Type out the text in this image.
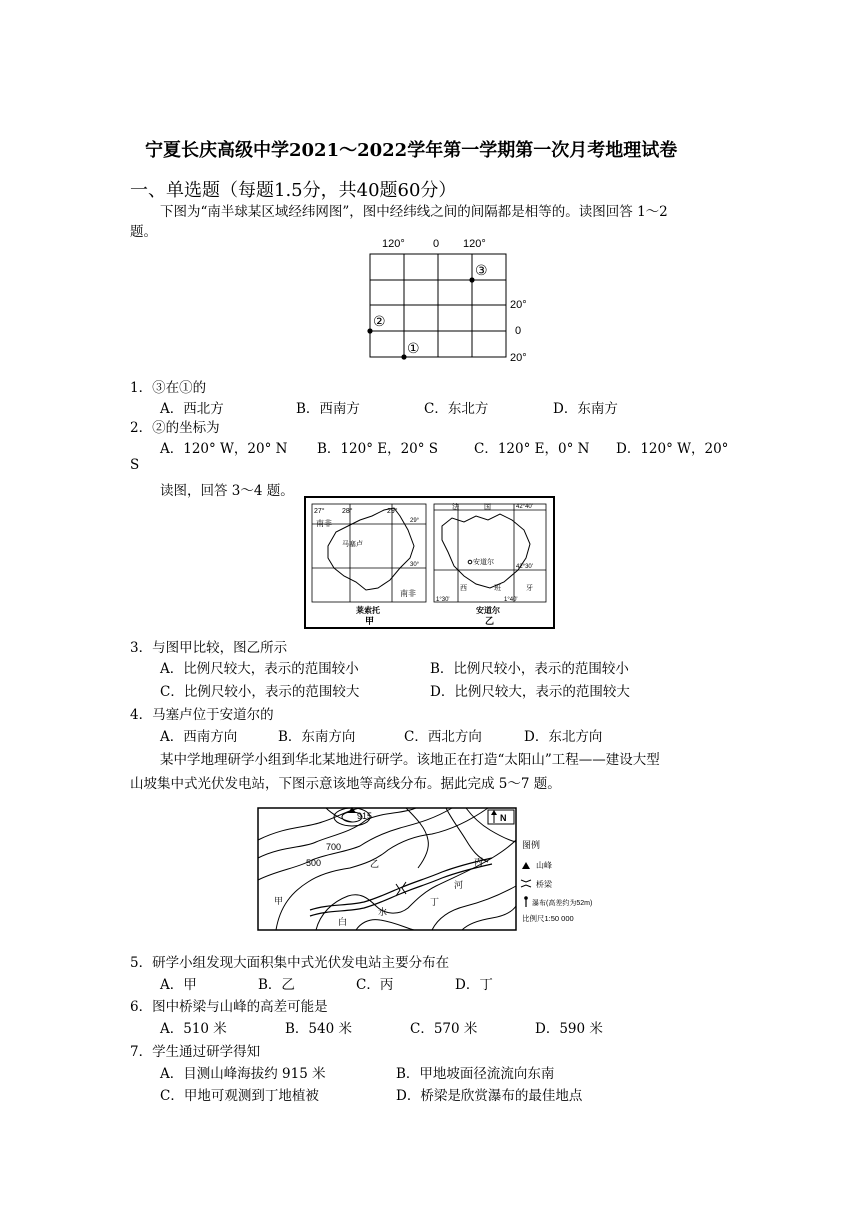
宁夏长庆高级中学2021～2022学年第一学期第一次月考地理试卷
一、单选题（每题1.5分，共40题60分）
下图为“南半球某区域经纬网图”，图中经纬线之间的间隔都是相等的。读图回答 1～2
题。
120°	0 120°
20°
0
20°
③
②
①
1．③在①的
A．西北方	B．西南方	C．东北方	D．东南方
2．②的坐标为
A．120° W，20° N B．120° E，20° S	C．120° E，0° N D．120° W，20°
S
读图，回答 3～4 题。
27° 28°	29°
29°
30°
南非
马塞卢
南非
莱索托
甲
法	国	42°40'
42°30'
安道尔
西	班	牙
1°30'	1°40'
安道尔
乙
3．与图甲比较，图乙所示
A．比例尺较大，表示的范围较小	B．比例尺较小，表示的范围较小
C．比例尺较小，表示的范围较大	D．比例尺较大，表示的范围较大
4．马塞卢位于安道尔的
A．西南方向	B．东南方向	C．西北方向	D．东北方向
某中学地理研学小组到华北某地进行研学。该地正在打造“太阳山”工程——建设大型
山坡集中式光伏发电站，下图示意该地等高线分布。据此完成 5～7 题。
915
700
500
甲
乙	丙
丁
白
水
河
N
图例
山峰
桥梁
瀑布(高差约为52m)
比例尺1:50 000
5．研学小组发现大面积集中式光伏发电站主要分布在
A．甲	B．乙	C．丙	D．丁
6．图中桥梁与山峰的高差可能是
A．510 米	B．540 米	C．570 米	D．590 米
7．学生通过研学得知
A．目测山峰海拔约 915 米	B．甲地坡面径流流向东南
C．甲地可观测到丁地植被	D．桥梁是欣赏瀑布的最佳地点
